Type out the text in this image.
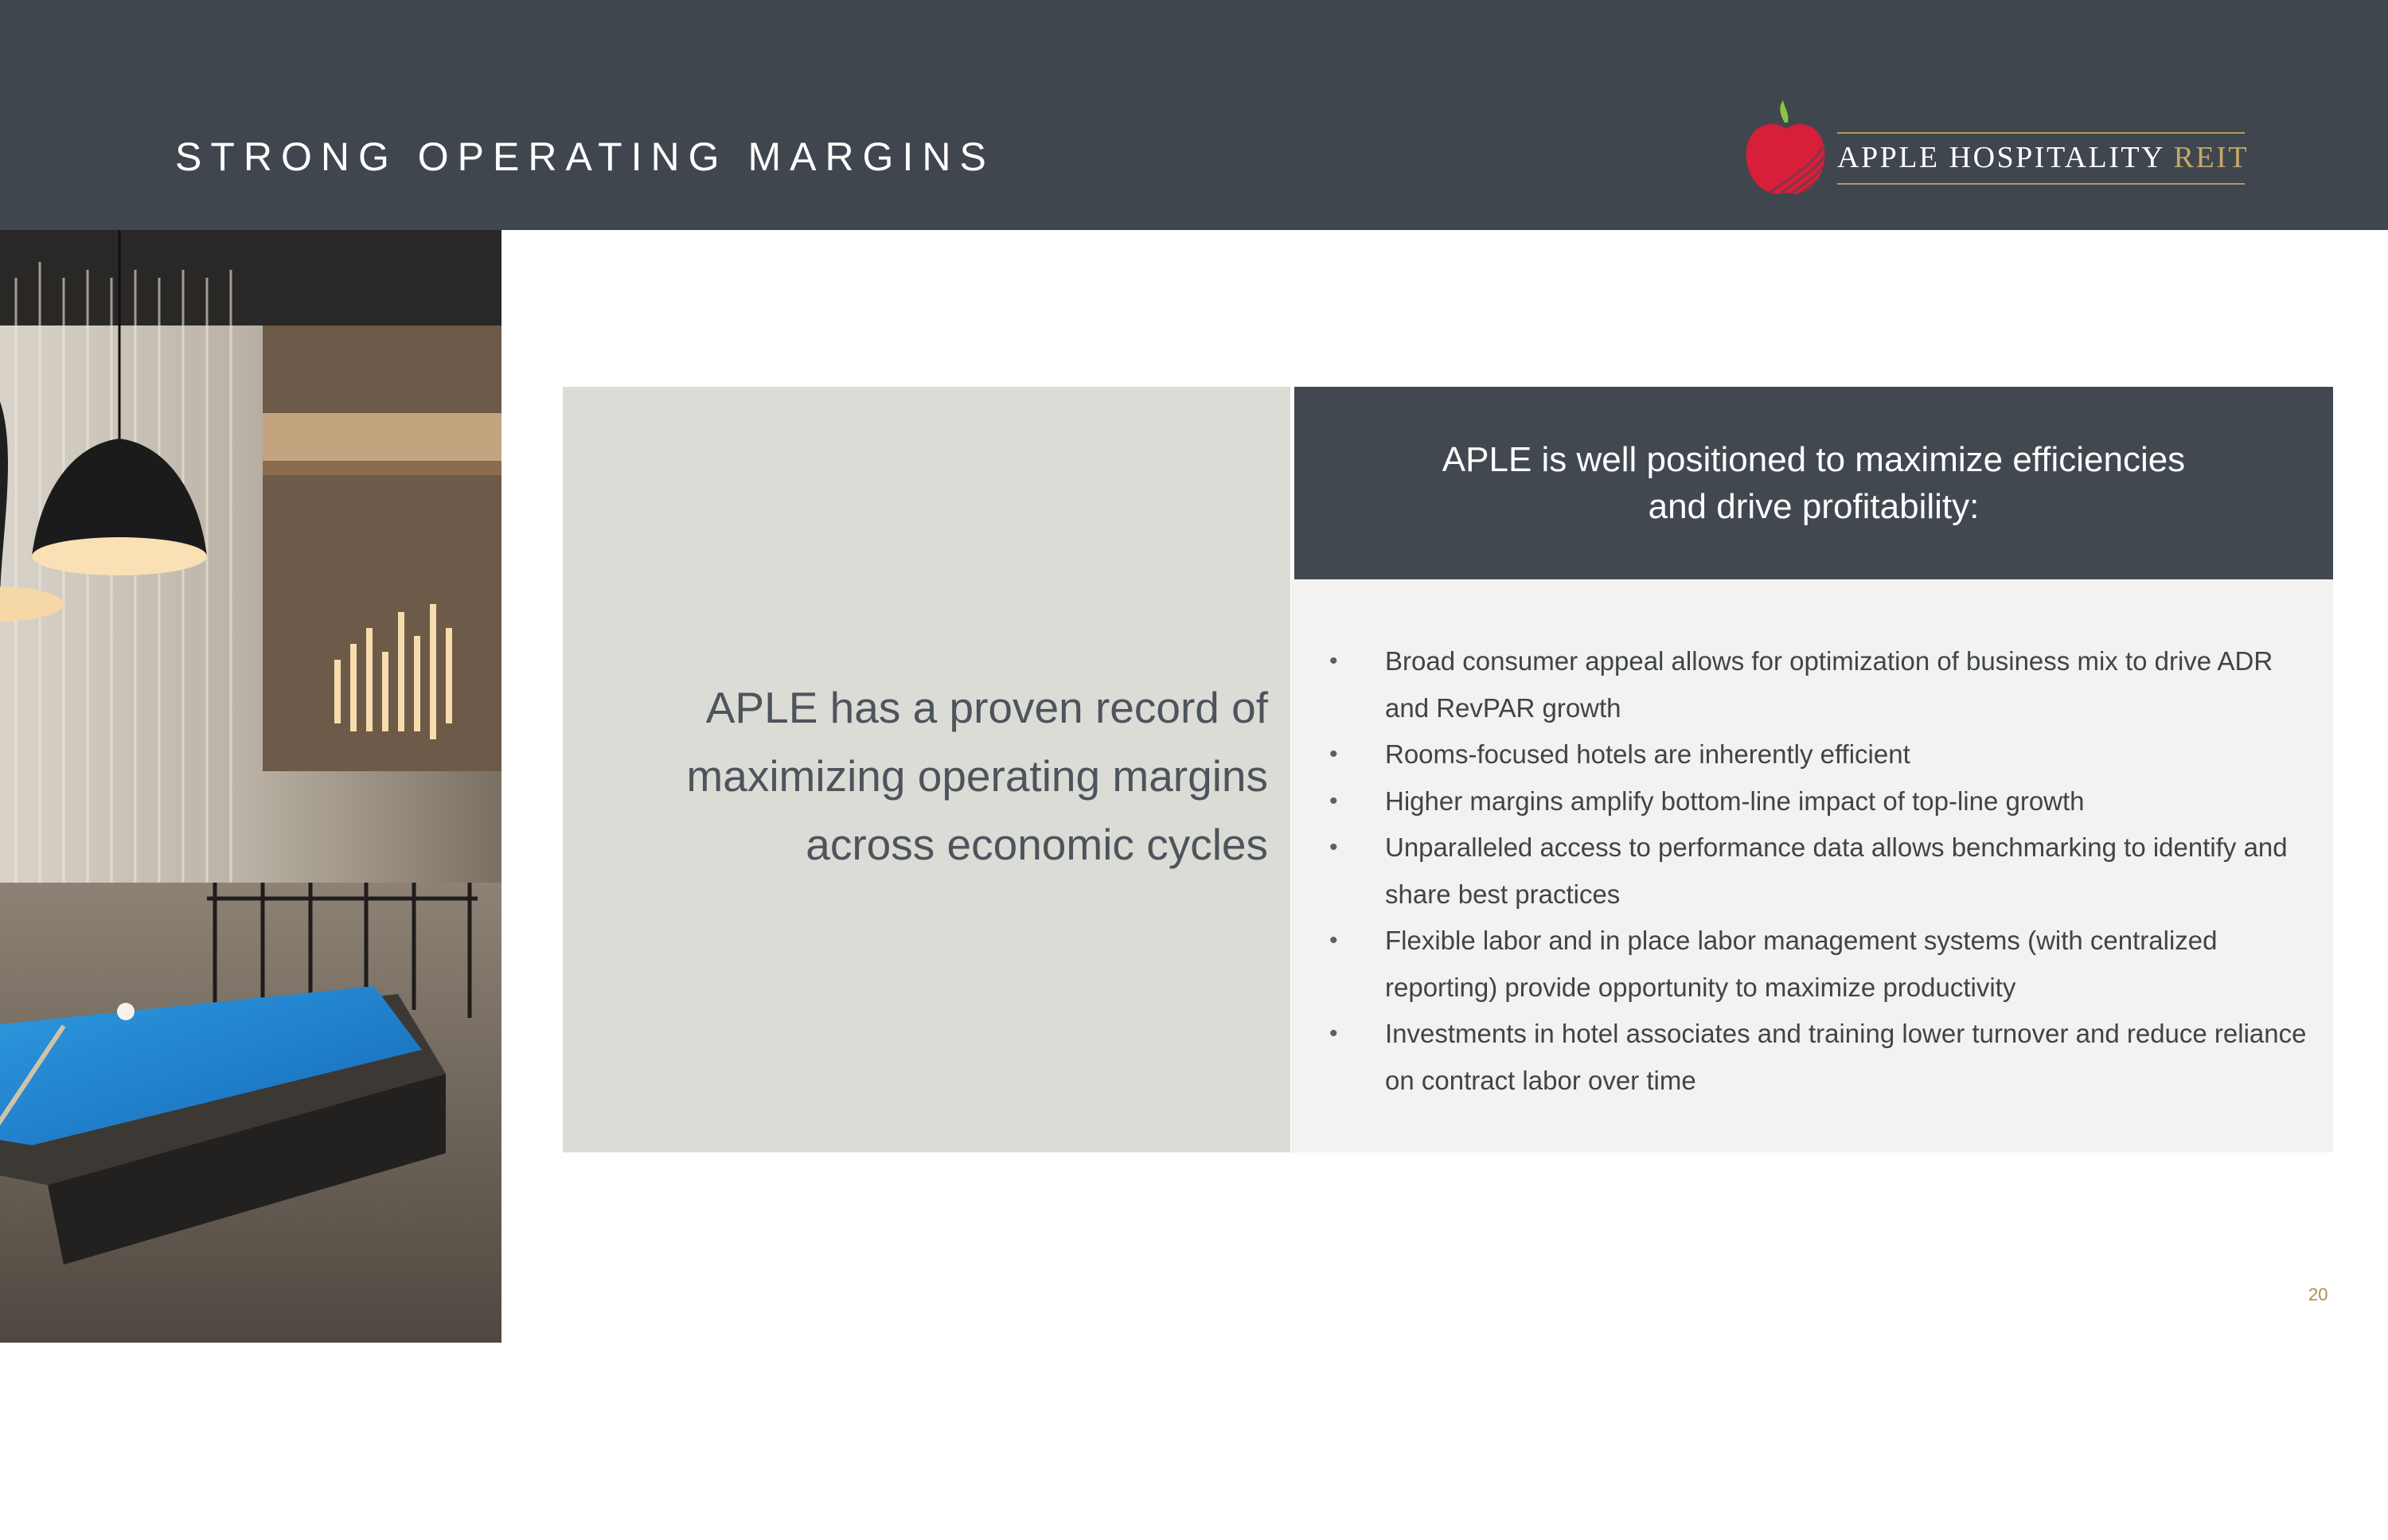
STRONG OPERATING MARGINS	APPLE HOSPITALITY REIT
ALOFT PORTLAND DOWNTOWN WATERFRONT ME
APLE has a proven record of maximizing operating margins across economic cycles
APLE is well positioned to maximize efficiencies
and drive profitability:
• Broad consumer appeal allows for optimization of business mix to drive ADR and RevPAR growth
• Rooms-focused hotels are inherently efficient
• Higher margins amplify bottom-line impact of top-line growth
• Unparalleled access to performance data allows benchmarking to identify and share best practices
• Flexible labor and in place labor management systems (with centralized reporting) provide opportunity to maximize productivity
• Investments in hotel associates and training lower turnover and reduce reliance on contract labor over time
20
